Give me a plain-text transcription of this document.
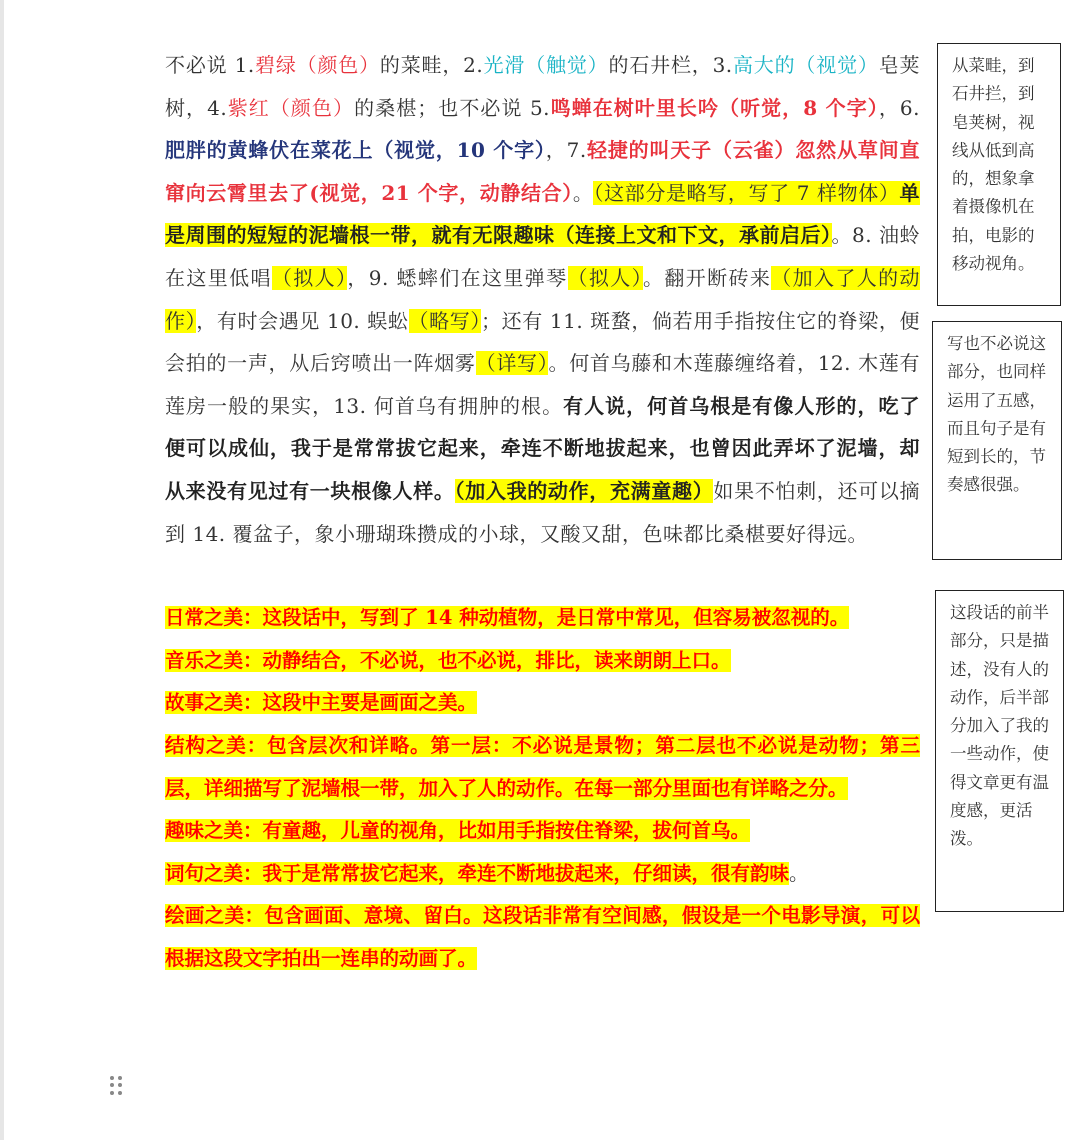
不必说 1.碧绿（颜色）的菜畦，2.光滑（触觉）的石井栏，3.高大的（视觉）皂荚树，4.紫红（颜色）的桑椹；也不必说 5.鸣蝉在树叶里长吟（听觉，8 个字），6.肥胖的黄蜂伏在菜花上（视觉，10 个字），7.轻捷的叫天子（云雀）忽然从草间直窜向云霄里去了(视觉，21 个字，动静结合）。（这部分是略写，写了 7 样物体）单是周围的短短的泥墙根一带，就有无限趣味（连接上文和下文，承前启后）。8. 油蛉在这里低唱（拟人），9. 蟋蟀们在这里弹琴（拟人）。翻开断砖来（加入了人的动作），有时会遇见 10. 蜈蚣（略写）；还有 11. 斑蝥，倘若用手指按住它的脊梁，便会拍的一声，从后窍喷出一阵烟雾（详写）。何首乌藤和木莲藤缠络着，12. 木莲有莲房一般的果实，13. 何首乌有拥肿的根。有人说，何首乌根是有像人形的，吃了便可以成仙，我于是常常拔它起来，牵连不断地拔起来，也曾因此弄坏了泥墙，却从来没有见过有一块根像人样。（加入我的动作，充满童趣）如果不怕刺，还可以摘到 14. 覆盆子，象小珊瑚珠攒成的小球，又酸又甜，色味都比桑椹要好得远。

日常之美：这段话中，写到了 14 种动植物，是日常中常见，但容易被忽视的。

音乐之美：动静结合，不必说，也不必说，排比，读来朗朗上口。

故事之美：这段中主要是画面之美。

结构之美：包含层次和详略。第一层：不必说是景物；第二层也不必说是动物；第三层，详细描写了泥墙根一带，加入了人的动作。在每一部分里面也有详略之分。

趣味之美：有童趣，儿童的视角，比如用手指按住脊梁，拔何首乌。

词句之美：我于是常常拔它起来，牵连不断地拔起来，仔细读，很有韵味。

绘画之美：包含画面、意境、留白。这段话非常有空间感，假设是一个电影导演，可以根据这段文字拍出一连串的动画了。

从菜畦，到石井拦，到皂荚树，视线从低到高的，想象拿着摄像机在拍，电影的移动视角。
写也不必说这部分，也同样运用了五感，而且句子是有短到长的，节奏感很强。
这段话的前半部分，只是描述，没有人的动作，后半部分加入了我的一些动作，使得文章更有温度感，更活泼。
